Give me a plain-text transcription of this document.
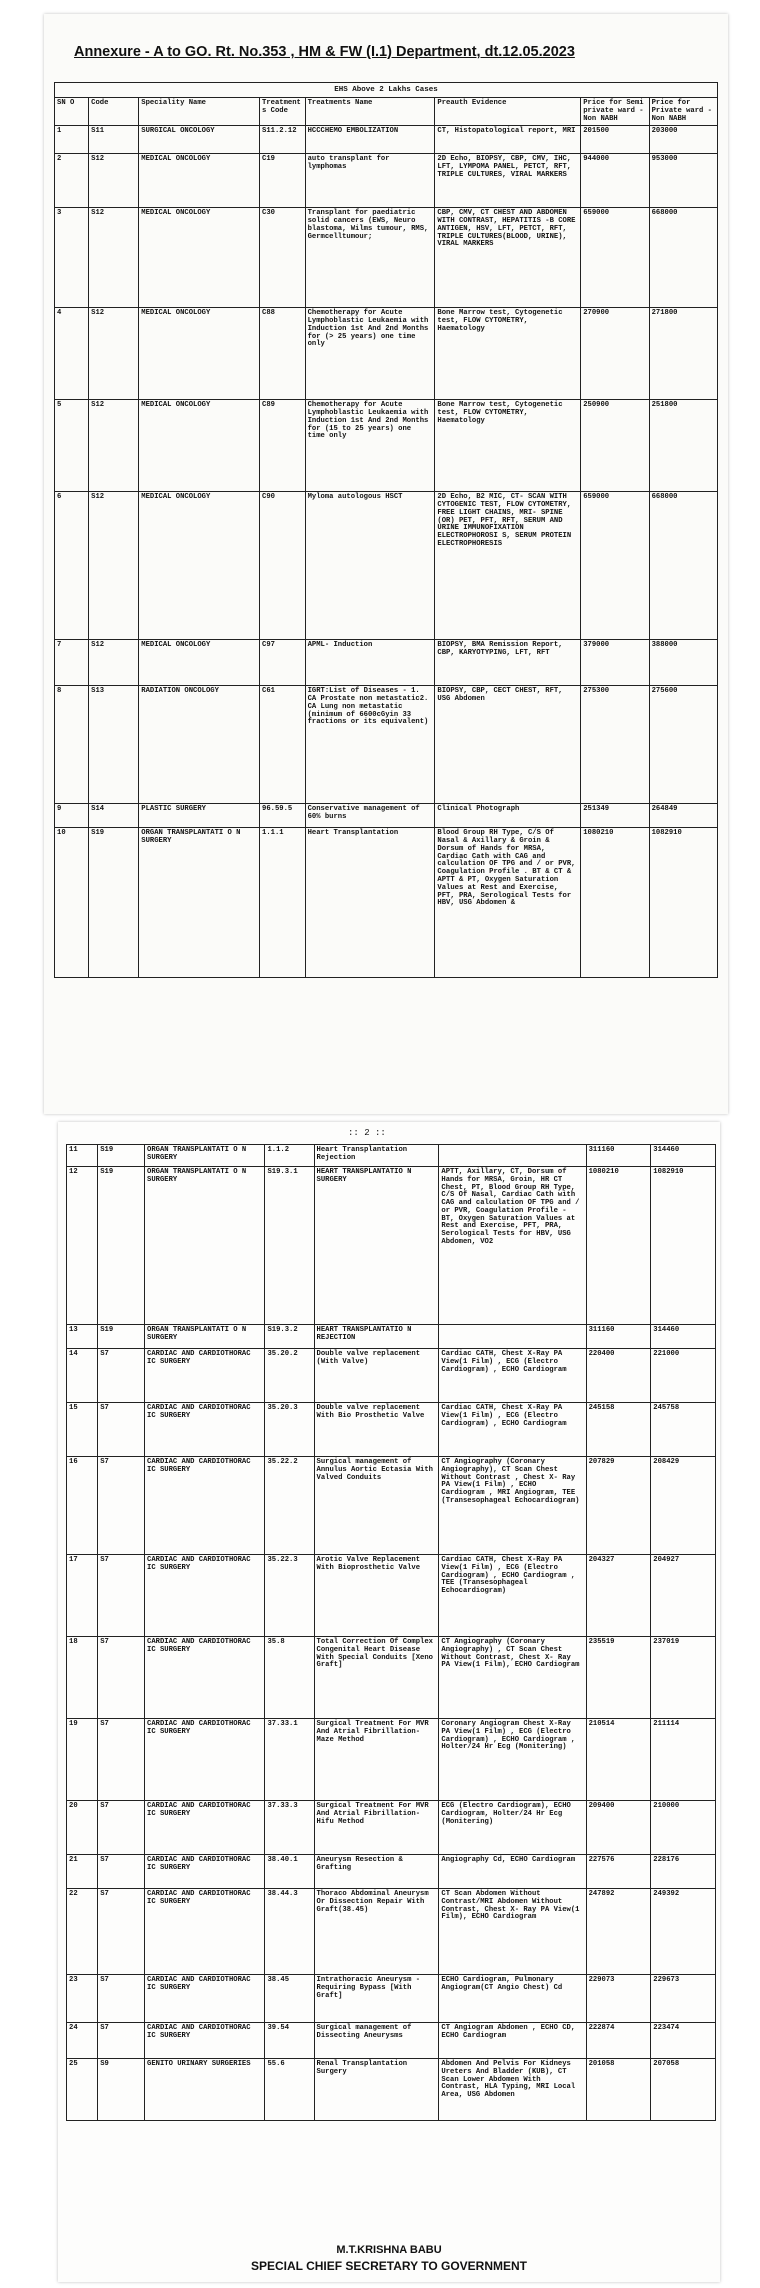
Annexure - A to GO. Rt. No.353 , HM & FW (I.1) Department, dt.12.05.2023
EHS Above 2 Lakhs Cases							
SN O	Code	Speciality Name	Treatment s Code	Treatments Name	Preauth Evidence	Price for Semi private ward - Non NABH	Price for Private ward - Non NABH
1	S11	SURGICAL ONCOLOGY	S11.2.12	HCCCHEMO EMBOLIZATION	CT, Histopatological report, MRI	201500	203000
2	S12	MEDICAL ONCOLOGY	C19	auto transplant for lymphomas	2D Echo, BIOPSY, CBP, CMV, IHC, LFT, LYMPOMA PANEL, PETCT, RFT, TRIPLE CULTURES, VIRAL MARKERS	944000	953000
3	S12	MEDICAL ONCOLOGY	C30	Transplant for paediatric solid cancers (EWS, Neuro blastoma, Wilms tumour, RMS, Germcelltumour;	CBP, CMV, CT CHEST AND ABDOMEN WITH CONTRAST, HEPATITIS -B CORE ANTIGEN, HSV, LFT, PETCT, RFT, TRIPLE CULTURES(BLOOD, URINE), VIRAL MARKERS	659000	668000
4	S12	MEDICAL ONCOLOGY	C88	Chemotherapy for Acute Lymphoblastic Leukaemia with Induction 1st And 2nd Months for (> 25 years) one time only	Bone Marrow test, Cytogenetic test, FLOW CYTOMETRY, Haematology	270900	271800
5	S12	MEDICAL ONCOLOGY	C89	Chemotherapy for Acute Lymphoblastic Leukaemia with Induction 1st And 2nd Months for (15 to 25 years) one time only	Bone Marrow test, Cytogenetic test, FLOW CYTOMETRY, Haematology	250900	251800
6	S12	MEDICAL ONCOLOGY	C90	Myloma autologous HSCT	2D Echo, B2 MIC, CT- SCAN WITH CYTOGENIC TEST, FLOW CYTOMETRY, FREE LIGHT CHAINS, MRI- SPINE (OR) PET, PFT, RFT, SERUM AND URINE IMMUNOFIXATION ELECTROPHOROSI S, SERUM PROTEIN ELECTROPHORESIS	659000	668000
7	S12	MEDICAL ONCOLOGY	C97	APML- Induction	BIOPSY, BMA Remission Report, CBP, KARYOTYPING, LFT, RFT	379000	388000
8	S13	RADIATION ONCOLOGY	C61	IGRT:List of Diseases - 1. CA Prostate non metastatic2. CA Lung non metastatic (minimum of 6600cGyin 33 fractions or its equivalent)	BIOPSY, CBP, CECT CHEST, RFT, USG Abdomen	275300	275600
9	S14	PLASTIC SURGERY	96.59.5	Conservative management of 60% burns	Clinical Photograph	251349	264849
10	S19	ORGAN TRANSPLANTATI O N SURGERY	1.1.1	Heart Transplantation	Blood Group RH Type, C/S Of Nasal & Axillary & Groin & Dorsum of Hands for MRSA, Cardiac Cath with CAG and calculation OF TPG and / or PVR, Coagulation Profile . BT & CT & APTT & PT, Oxygen Saturation Values at Rest and Exercise, PFT, PRA, Serological Tests for HBV, USG Abdomen &	1080210	1082910
:: 2 ::
11	S19	ORGAN TRANSPLANTATI O N SURGERY	1.1.2	Heart Transplantation Rejection		311160	314460
12	S19	ORGAN TRANSPLANTATI O N SURGERY	S19.3.1	HEART TRANSPLANTATIO N SURGERY	APTT, Axillary, CT, Dorsum of Hands for MRSA, Groin, HR CT Chest, PT, Blood Group RH Type, C/S Of Nasal, Cardiac Cath with CAG and calculation OF TPG and / or PVR, Coagulation Profile - BT, Oxygen Saturation Values at Rest and Exercise, PFT, PRA, Serological Tests for HBV, USG Abdomen, VO2	1080210	1082910
13	S19	ORGAN TRANSPLANTATI O N SURGERY	S19.3.2	HEART TRANSPLANTATIO N REJECTION		311160	314460
14	S7	CARDIAC AND CARDIOTHORAC IC SURGERY	35.20.2	Double valve replacement (With Valve)	Cardiac CATH, Chest X-Ray PA View(1 Film) , ECG (Electro Cardiogram) , ECHO Cardiogram	220400	221000
15	S7	CARDIAC AND CARDIOTHORAC IC SURGERY	35.20.3	Double valve replacement With Bio Prosthetic Valve	Cardiac CATH, Chest X-Ray PA View(1 Film) , ECG (Electro Cardiogram) , ECHO Cardiogram	245158	245758
16	S7	CARDIAC AND CARDIOTHORAC IC SURGERY	35.22.2	Surgical management of Annulus Aortic Ectasia With Valved Conduits	CT Angiography (Coronary Angiography), CT Scan Chest Without Contrast , Chest X- Ray PA View(1 Film) , ECHO Cardiogram , MRI Angiogram, TEE (Transesophageal Echocardiogram)	207829	208429
17	S7	CARDIAC AND CARDIOTHORAC IC SURGERY	35.22.3	Arotic Valve Replacement With Bioprosthetic Valve	Cardiac CATH, Chest X-Ray PA View(1 Film) , ECG (Electro Cardiogram) , ECHO Cardiogram , TEE (Transesophageal Echocardiogram)	204327	204927
18	S7	CARDIAC AND CARDIOTHORAC IC SURGERY	35.8	Total Correction Of Complex Congenital Heart Disease With Special Conduits [Xeno Graft]	CT Angiography (Coronary Angiography) , CT Scan Chest Without Contrast, Chest X- Ray PA View(1 Film), ECHO Cardiogram	235519	237019
19	S7	CARDIAC AND CARDIOTHORAC IC SURGERY	37.33.1	Surgical Treatment For MVR And Atrial Fibrillation- Maze Method	Coronary Angiogram Chest X-Ray PA View(1 Film) , ECG (Electro Cardiogram) , ECHO Cardiogram , Holter/24 Hr Ecg (Monitering)	210514	211114
20	S7	CARDIAC AND CARDIOTHORAC IC SURGERY	37.33.3	Surgical Treatment For MVR And Atrial Fibrillation- Hifu Method	ECG (Electro Cardiogram), ECHO Cardiogram, Holter/24 Hr Ecg (Monitering)	209400	210000
21	S7	CARDIAC AND CARDIOTHORAC IC SURGERY	38.40.1	Aneurysm Resection & Grafting	Angiography Cd, ECHO Cardiogram	227576	228176
22	S7	CARDIAC AND CARDIOTHORAC IC SURGERY	38.44.3	Thoraco Abdominal Aneurysm Or Dissection Repair With Graft(38.45)	CT Scan Abdomen Without Contrast/MRI Abdomen Without Contrast, Chest X- Ray PA View(1 Film), ECHO Cardiogram	247892	249392
23	S7	CARDIAC AND CARDIOTHORAC IC SURGERY	38.45	Intrathoracic Aneurysm - Requiring Bypass [With Graft]	ECHO Cardiogram, Pulmonary Angiogram(CT Angio Chest) Cd	229073	229673
24	S7	CARDIAC AND CARDIOTHORAC IC SURGERY	39.54	Surgical management of Dissecting Aneurysms	CT Angiogram Abdomen , ECHO CD, ECHO Cardiogram	222874	223474
25	S9	GENITO URINARY SURGERIES	55.6	Renal Transplantation Surgery	Abdomen And Pelvis For Kidneys Ureters And Bladder (KUB), CT Scan Lower Abdomen With Contrast, HLA Typing, MRI Local Area, USG Abdomen	201058	207058
M.T.KRISHNA BABU
SPECIAL CHIEF SECRETARY TO GOVERNMENT
